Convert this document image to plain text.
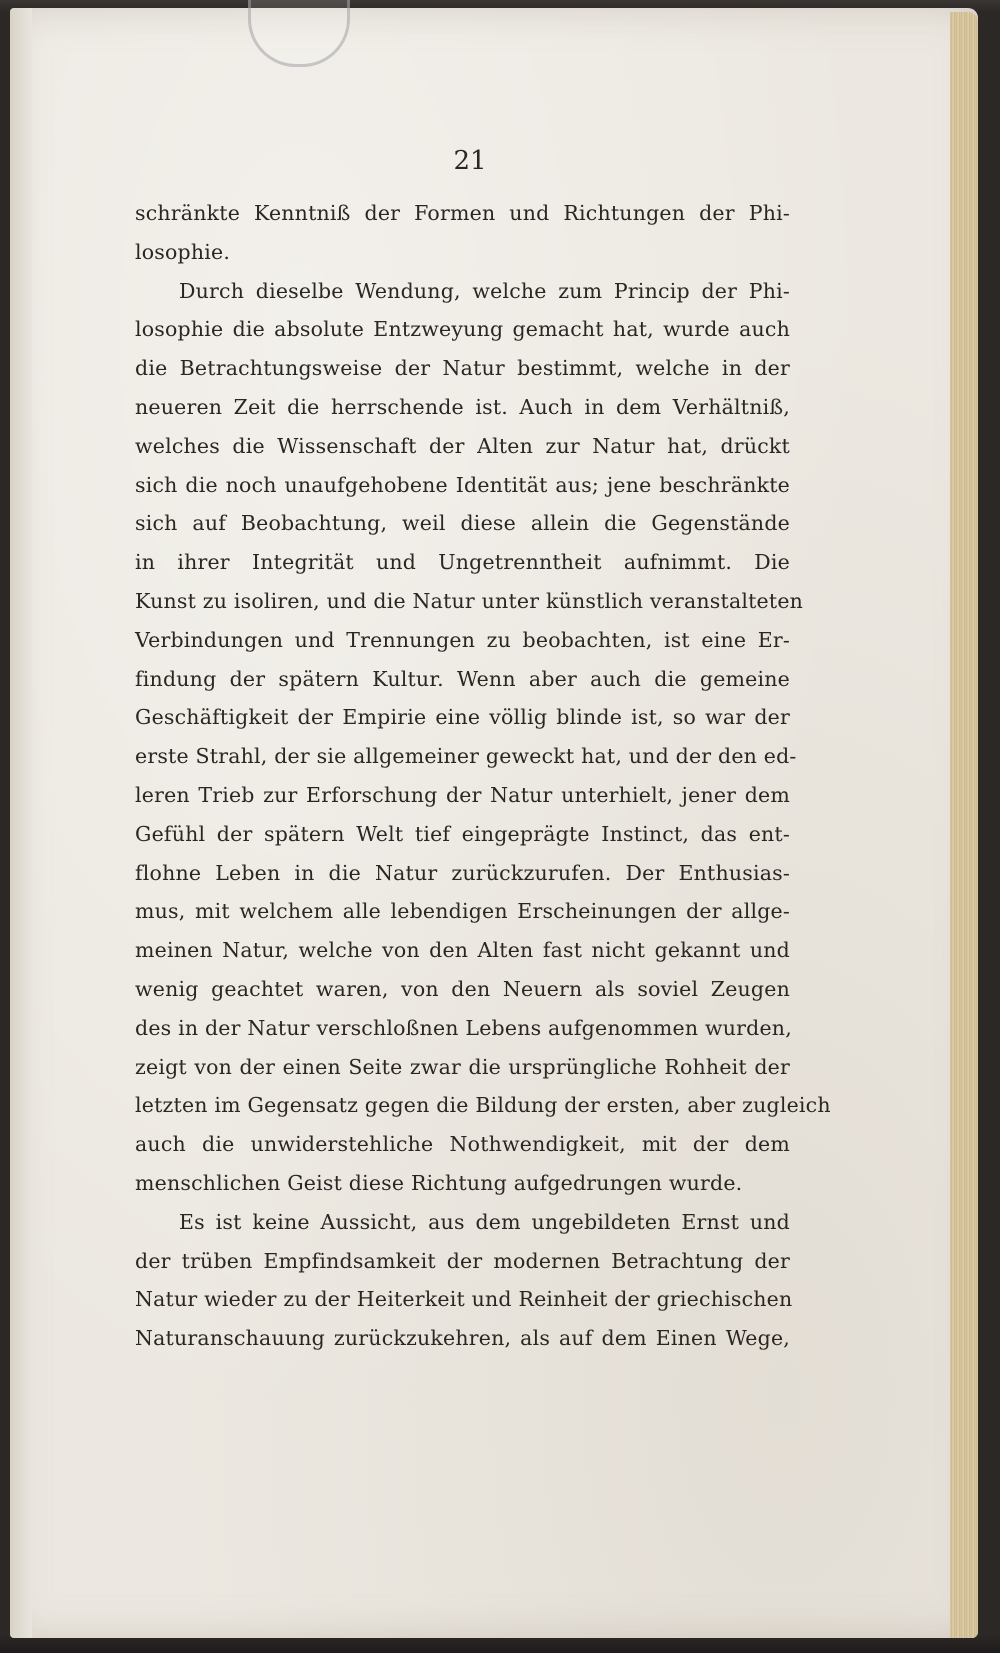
21
schränkte Kenntniß der Formen und Richtungen der Phi-
losophie.
Durch dieselbe Wendung, welche zum Princip der Phi-
losophie die absolute Entzweyung gemacht hat, wurde auch
die Betrachtungsweise der Natur bestimmt, welche in der
neueren Zeit die herrschende ist. Auch in dem Verhältniß,
welches die Wissenschaft der Alten zur Natur hat, drückt
sich die noch unaufgehobene Identität aus; jene beschränkte
sich auf Beobachtung, weil diese allein die Gegenstände
in ihrer Integrität und Ungetrenntheit aufnimmt. Die
Kunst zu isoliren, und die Natur unter künstlich veranstalteten
Verbindungen und Trennungen zu beobachten, ist eine Er-
findung der spätern Kultur. Wenn aber auch die gemeine
Geschäftigkeit der Empirie eine völlig blinde ist, so war der
erste Strahl, der sie allgemeiner geweckt hat, und der den ed-
leren Trieb zur Erforschung der Natur unterhielt, jener dem
Gefühl der spätern Welt tief eingeprägte Instinct, das ent-
flohne Leben in die Natur zurückzurufen. Der Enthusias-
mus, mit welchem alle lebendigen Erscheinungen der allge-
meinen Natur, welche von den Alten fast nicht gekannt und
wenig geachtet waren, von den Neuern als soviel Zeugen
des in der Natur verschloßnen Lebens aufgenommen wurden,
zeigt von der einen Seite zwar die ursprüngliche Rohheit der
letzten im Gegensatz gegen die Bildung der ersten, aber zugleich
auch die unwiderstehliche Nothwendigkeit, mit der dem
menschlichen Geist diese Richtung aufgedrungen wurde.
Es ist keine Aussicht, aus dem ungebildeten Ernst und
der trüben Empfindsamkeit der modernen Betrachtung der
Natur wieder zu der Heiterkeit und Reinheit der griechischen
Naturanschauung zurückzukehren, als auf dem Einen Wege,
